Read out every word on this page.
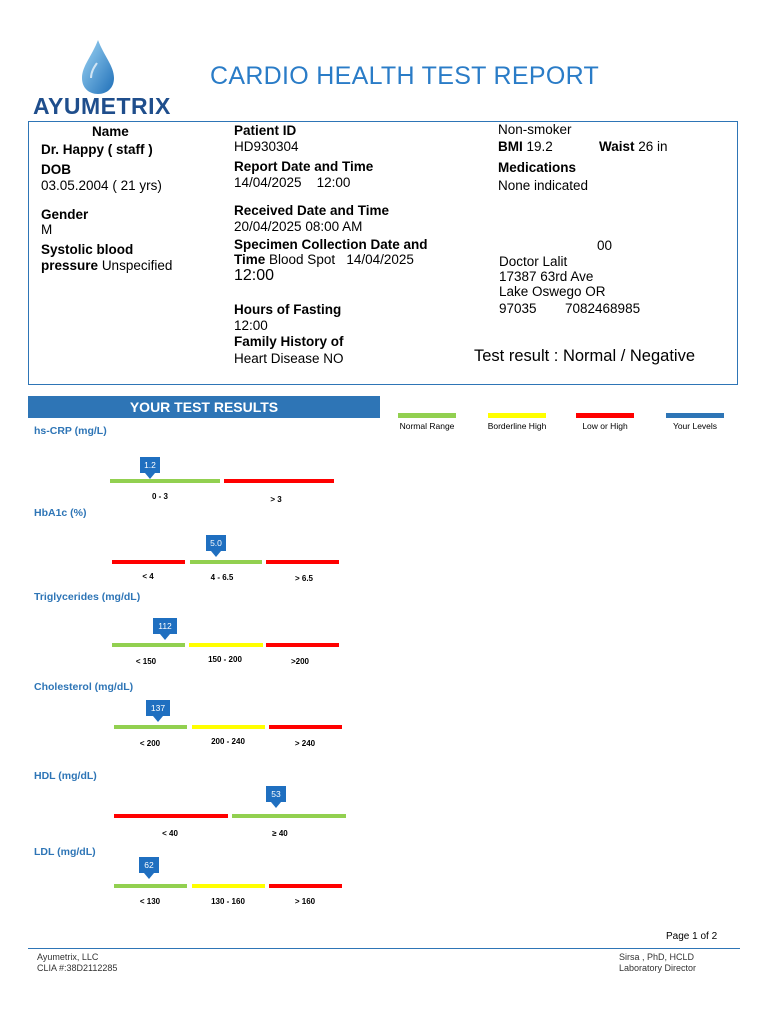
AYUMETRIX
CARDIO HEALTH TEST REPORT
Name
Dr. Happy ( staff )
DOB
03.05.2004 ( 21 yrs)
Gender
M
Systolic blood
pressure Unspecified
Patient ID
HD930304
Report Date and Time
14/04/2025    12:00
Received Date and Time
20/04/2025 08:00 AM
Specimen Collection Date and
Time Blood Spot   14/04/2025
12:00
Hours of Fasting
12:00
Family History of
Heart Disease NO
Non-smoker
BMI 19.2	Waist 26 in
Medications
None indicated
00
Doctor Lalit
17387 63rd Ave
Lake Oswego OR
97035 7082468985
Test result : Normal / Negative
YOUR TEST RESULTS
Normal Range	Borderline High	Low or High	Your Levels
hs-CRP (mg/L)
1.2
0 - 3	> 3
HbA1c (%)
5.0
< 4	4 - 6.5	> 6.5
Triglycerides (mg/dL)
112
< 150	150 - 200	>200
Cholesterol (mg/dL)
137
< 200	200 - 240	> 240
HDL (mg/dL)
53
< 40	≥ 40
LDL (mg/dL)
62
< 130	130 - 160	> 160
Page 1 of 2
Ayumetrix, LLC
CLIA #:38D2112285
Sirsa , PhD, HCLD
Laboratory Director
